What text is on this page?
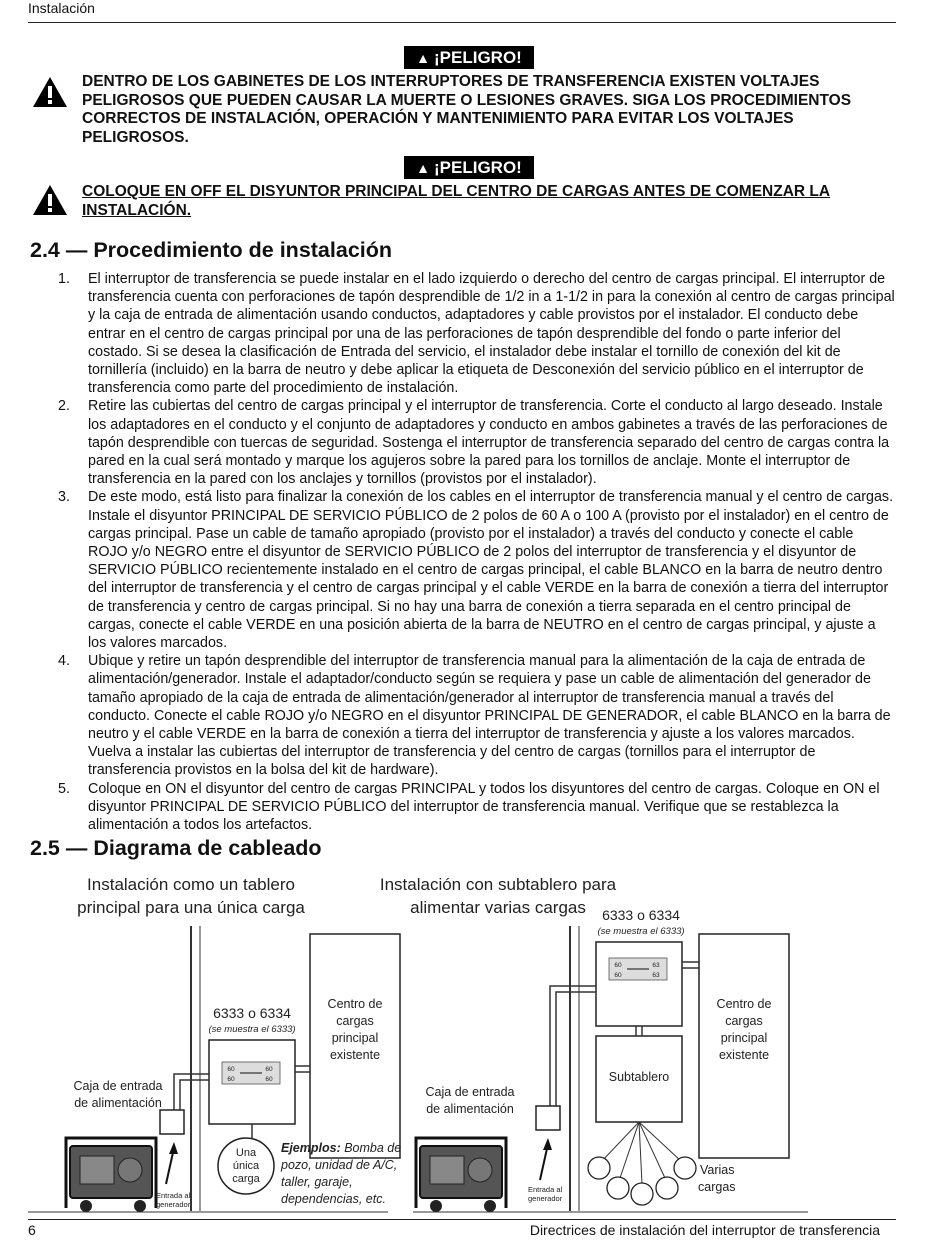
Instalación
▲ ¡PELIGRO!
DENTRO DE LOS GABINETES DE LOS INTERRUPTORES DE TRANSFERENCIA EXISTEN VOLTAJES PELIGROSOS QUE PUEDEN CAUSAR LA MUERTE O LESIONES GRAVES. SIGA LOS PROCEDIMIENTOS CORRECTOS DE INSTALACIÓN, OPERACIÓN Y MANTENIMIENTO PARA EVITAR LOS VOLTAJES PELIGROSOS.
▲ ¡PELIGRO!
COLOQUE EN OFF EL DISYUNTOR PRINCIPAL DEL CENTRO DE CARGAS ANTES DE COMENZAR LA INSTALACIÓN.
2.4 — Procedimiento de instalación
1. El interruptor de transferencia se puede instalar en el lado izquierdo o derecho del centro de cargas principal. El interruptor de transferencia cuenta con perforaciones de tapón desprendible de 1/2 in a 1-1/2 in para la conexión al centro de cargas principal y la caja de entrada de alimentación usando conductos, adaptadores y cable provistos por el instalador. El conducto debe entrar en el centro de cargas principal por una de las perforaciones de tapón desprendible del fondo o parte inferior del costado. Si se desea la clasificación de Entrada del servicio, el instalador debe instalar el tornillo de conexión del kit de tornillería (incluido) en la barra de neutro y debe aplicar la etiqueta de Desconexión del servicio público en el interruptor de transferencia como parte del procedimiento de instalación.
2. Retire las cubiertas del centro de cargas principal y el interruptor de transferencia. Corte el conducto al largo deseado. Instale los adaptadores en el conducto y el conjunto de adaptadores y conducto en ambos gabinetes a través de las perforaciones de tapón desprendible con tuercas de seguridad. Sostenga el interruptor de transferencia separado del centro de cargas contra la pared en la cual será montado y marque los agujeros sobre la pared para los tornillos de anclaje. Monte el interruptor de transferencia en la pared con los anclajes y tornillos (provistos por el instalador).
3. De este modo, está listo para finalizar la conexión de los cables en el interruptor de transferencia manual y el centro de cargas. Instale el disyuntor PRINCIPAL DE SERVICIO PÚBLICO de 2 polos de 60 A o 100 A (provisto por el instalador) en el centro de cargas principal. Pase un cable de tamaño apropiado (provisto por el instalador) a través del conducto y conecte el cable ROJO y/o NEGRO entre el disyuntor de SERVICIO PÚBLICO de 2 polos del interruptor de transferencia y el disyuntor de SERVICIO PÚBLICO recientemente instalado en el centro de cargas principal, el cable BLANCO en la barra de neutro dentro del interruptor de transferencia y el centro de cargas principal y el cable VERDE en la barra de conexión a tierra del interruptor de transferencia y centro de cargas principal. Si no hay una barra de conexión a tierra separada en el centro principal de cargas, conecte el cable VERDE en una posición abierta de la barra de NEUTRO en el centro de cargas principal, y ajuste a los valores marcados.
4. Ubique y retire un tapón desprendible del interruptor de transferencia manual para la alimentación de la caja de entrada de alimentación/generador. Instale el adaptador/conducto según se requiera y pase un cable de alimentación del generador de tamaño apropiado de la caja de entrada de alimentación/generador al interruptor de transferencia manual a través del conducto. Conecte el cable ROJO y/o NEGRO en el disyuntor PRINCIPAL DE GENERADOR, el cable BLANCO en la barra de neutro y el cable VERDE en la barra de conexión a tierra del interruptor de transferencia y ajuste a los valores marcados. Vuelva a instalar las cubiertas del interruptor de transferencia y del centro de cargas (tornillos para el interruptor de transferencia provistos en la bolsa del kit de hardware).
5. Coloque en ON el disyuntor del centro de cargas PRINCIPAL y todos los disyuntores del centro de cargas. Coloque en ON el disyuntor PRINCIPAL DE SERVICIO PÚBLICO del interruptor de transferencia manual. Verifique que se restablezca la alimentación a todos los artefactos.
2.5 — Diagrama de cableado
Instalación como un tablero
principal para una única carga
Centro de
cargas
principal
existente
6333 o 6334
(se muestra el 6333)
60	60
60	60
Caja de entrada
de alimentación
Una
única
carga
Ejemplos: Bomba de
pozo, unidad de A/C,
taller, garaje,
dependencias, etc.
Entrada al
generador
Instalación con subtablero para
alimentar varias cargas 6333 o 6334
(se muestra el 6333)
60	63
60	63
Centro de
cargas
principal
existente
Subtablero
Caja de entrada
de alimentación
Varias
cargas
Entrada al
generador
6	Directrices de instalación del interruptor de transferencia
